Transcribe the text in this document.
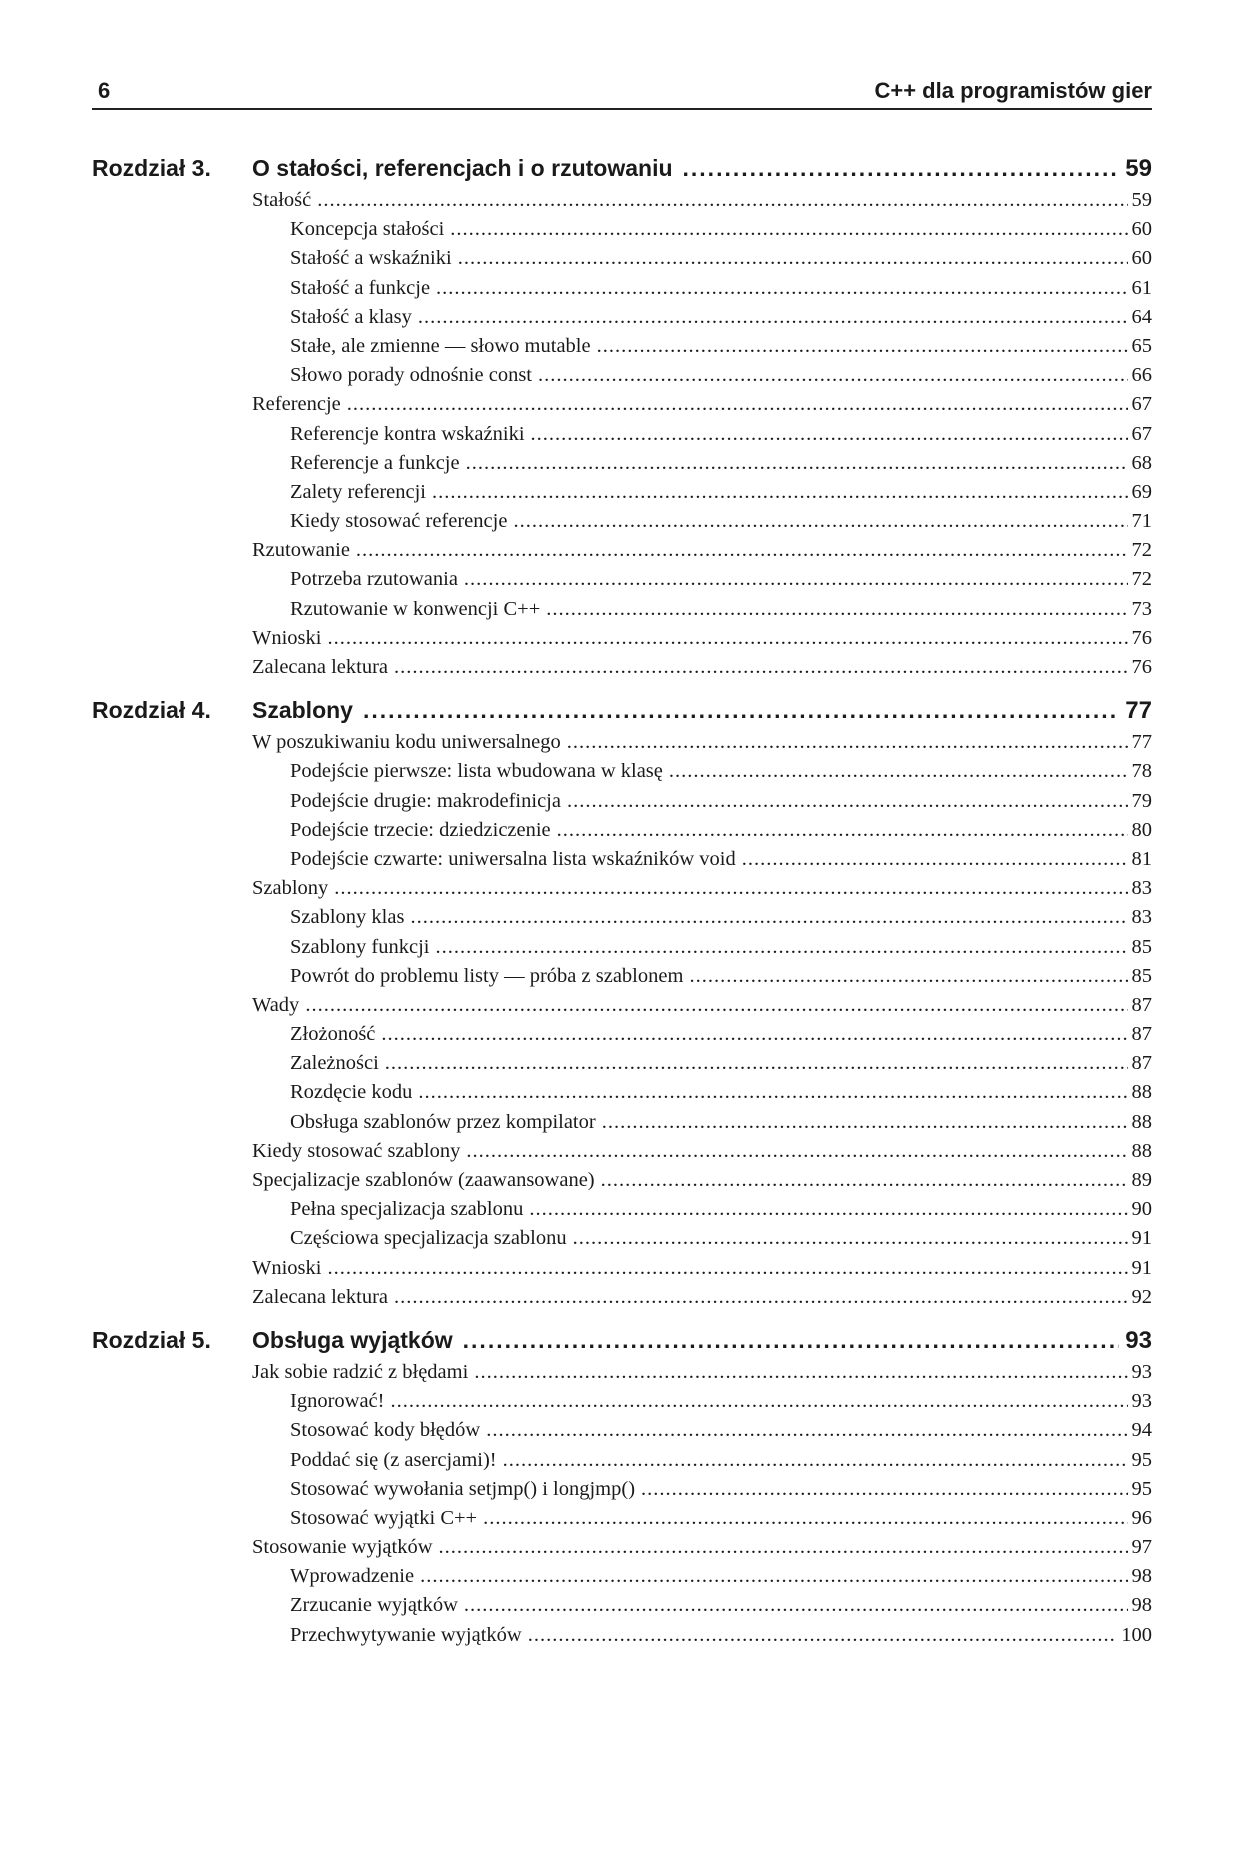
6	C++ dla programistów gier
Rozdział 3. O stałości, referencjach i o rzutowaniu .....	59
Stałość .....	59
Koncepcja stałości .....	60
Stałość a wskaźniki .....	60
Stałość a funkcje .....	61
Stałość a klasy .....	64
Stałe, ale zmienne — słowo mutable .....	65
Słowo porady odnośnie const .....	66
Referencje .....	67
Referencje kontra wskaźniki .....	67
Referencje a funkcje .....	68
Zalety referencji .....	69
Kiedy stosować referencje .....	71
Rzutowanie .....	72
Potrzeba rzutowania .....	72
Rzutowanie w konwencji C++ .....	73
Wnioski .....	76
Zalecana lektura .....	76
Rozdział 4. Szablony .....	77
W poszukiwaniu kodu uniwersalnego .....	77
Podejście pierwsze: lista wbudowana w klasę .....	78
Podejście drugie: makrodefinicja .....	79
Podejście trzecie: dziedziczenie .....	80
Podejście czwarte: uniwersalna lista wskaźników void .....	81
Szablony .....	83
Szablony klas .....	83
Szablony funkcji .....	85
Powrót do problemu listy — próba z szablonem .....	85
Wady .....	87
Złożoność .....	87
Zależności .....	87
Rozdęcie kodu .....	88
Obsługa szablonów przez kompilator .....	88
Kiedy stosować szablony .....	88
Specjalizacje szablonów (zaawansowane) .....	89
Pełna specjalizacja szablonu .....	90
Częściowa specjalizacja szablonu .....	91
Wnioski .....	91
Zalecana lektura .....	92
Rozdział 5. Obsługa wyjątków .....	93
Jak sobie radzić z błędami .....	93
Ignorować! .....	93
Stosować kody błędów .....	94
Poddać się (z asercjami)! .....	95
Stosować wywołania setjmp() i longjmp() .....	95
Stosować wyjątki C++ .....	96
Stosowanie wyjątków .....	97
Wprowadzenie .....	98
Zrzucanie wyjątków .....	98
Przechwytywanie wyjątków .....	100
